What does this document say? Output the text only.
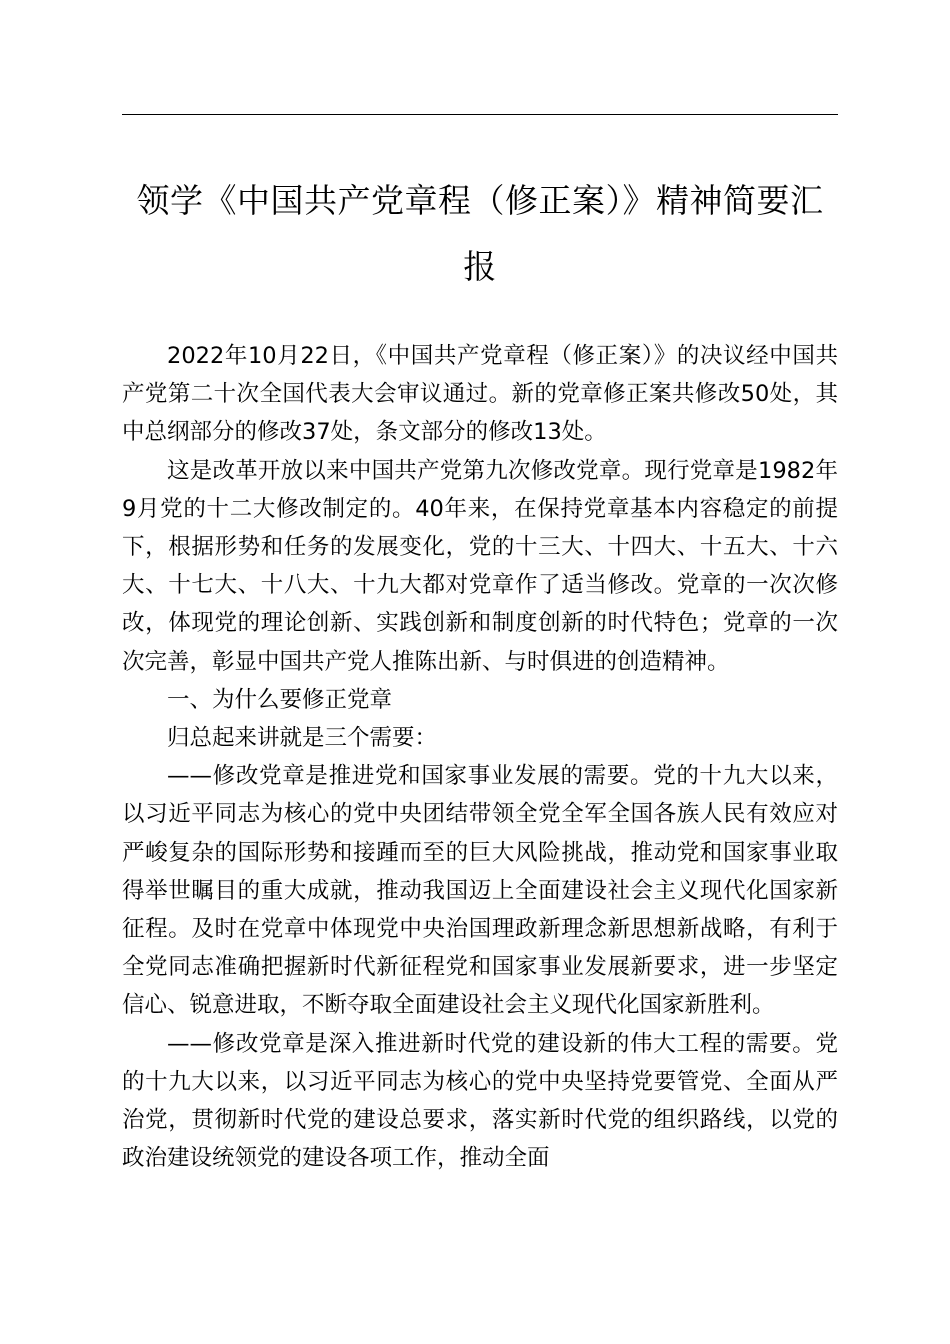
领学《中国共产党章程（修正案）》精神简要汇报

2022年10月22日，《中国共产党章程（修正案）》的决议经中国共产党第二十次全国代表大会审议通过。新的党章修正案共修改50处，其中总纲部分的修改37处，条文部分的修改13处。

这是改革开放以来中国共产党第九次修改党章。现行党章是1982年9月党的十二大修改制定的。40年来，在保持党章基本内容稳定的前提下，根据形势和任务的发展变化，党的十三大、十四大、十五大、十六大、十七大、十八大、十九大都对党章作了适当修改。党章的一次次修改，体现党的理论创新、实践创新和制度创新的时代特色；党章的一次次完善，彰显中国共产党人推陈出新、与时俱进的创造精神。

一、为什么要修正党章

归总起来讲就是三个需要：

——修改党章是推进党和国家事业发展的需要。党的十九大以来，以习近平同志为核心的党中央团结带领全党全军全国各族人民有效应对严峻复杂的国际形势和接踵而至的巨大风险挑战，推动党和国家事业取得举世瞩目的重大成就，推动我国迈上全面建设社会主义现代化国家新征程。及时在党章中体现党中央治国理政新理念新思想新战略，有利于全党同志准确把握新时代新征程党和国家事业发展新要求，进一步坚定信心、锐意进取，不断夺取全面建设社会主义现代化国家新胜利。

——修改党章是深入推进新时代党的建设新的伟大工程的需要。党的十九大以来，以习近平同志为核心的党中央坚持党要管党、全面从严治党，贯彻新时代党的建设总要求，落实新时代党的组织路线，以党的政治建设统领党的建设各项工作，推动全面
